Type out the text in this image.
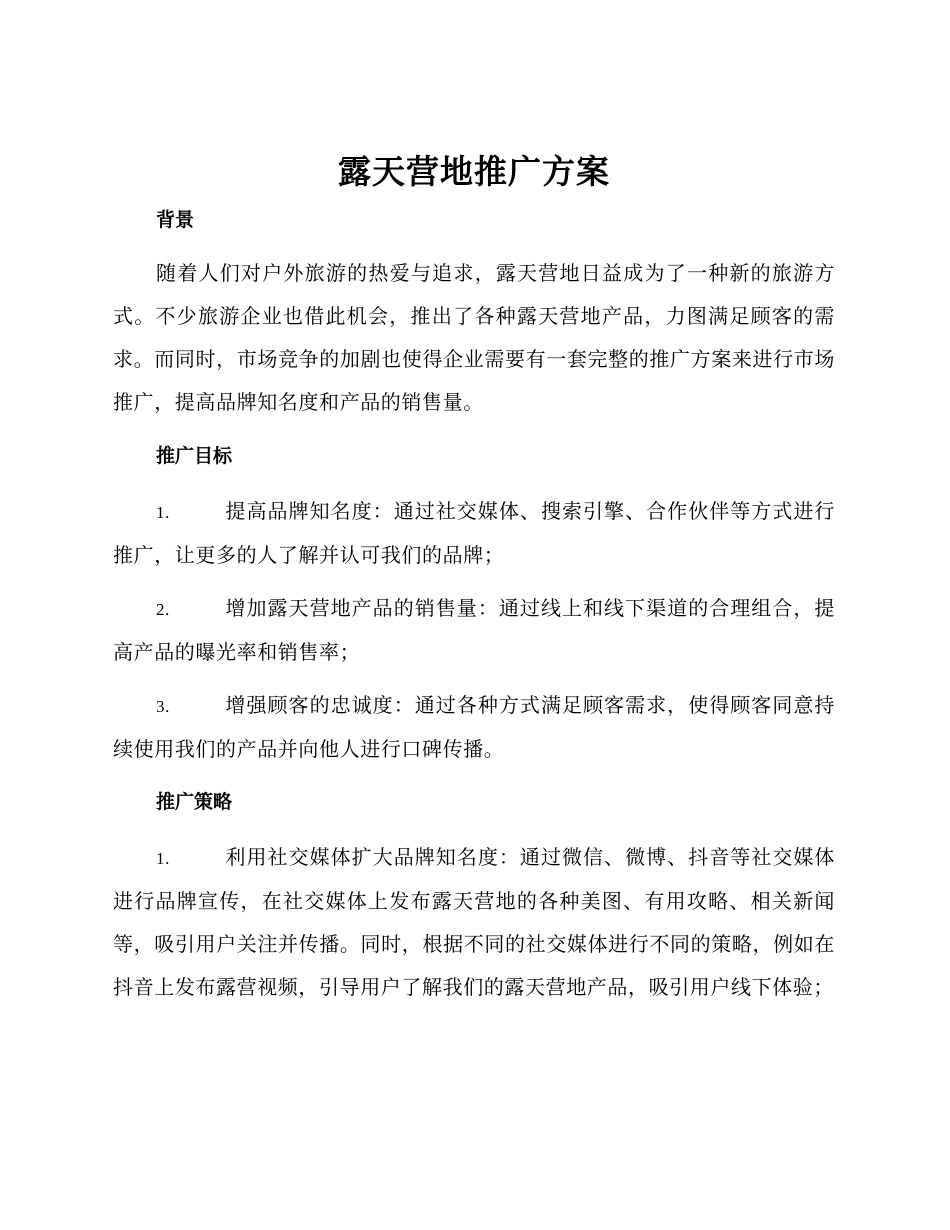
露天营地推广方案
背景

随着人们对户外旅游的热爱与追求，露天营地日益成为了一种新的旅游方式。不少旅游企业也借此机会，推出了各种露天营地产品，力图满足顾客的需求。而同时，市场竞争的加剧也使得企业需要有一套完整的推广方案来进行市场推广，提高品牌知名度和产品的销售量。

推广目标

1.	提高品牌知名度：通过社交媒体、搜索引擎、合作伙伴等方式进行推广，让更多的人了解并认可我们的品牌；

2.	增加露天营地产品的销售量：通过线上和线下渠道的合理组合，提高产品的曝光率和销售率；

3.	增强顾客的忠诚度：通过各种方式满足顾客需求，使得顾客同意持续使用我们的产品并向他人进行口碑传播。

推广策略

1.	利用社交媒体扩大品牌知名度：通过微信、微博、抖音等社交媒体进行品牌宣传，在社交媒体上发布露天营地的各种美图、有用攻略、相关新闻等，吸引用户关注并传播。同时，根据不同的社交媒体进行不同的策略，例如在抖音上发布露营视频，引导用户了解我们的露天营地产品，吸引用户线下体验；
